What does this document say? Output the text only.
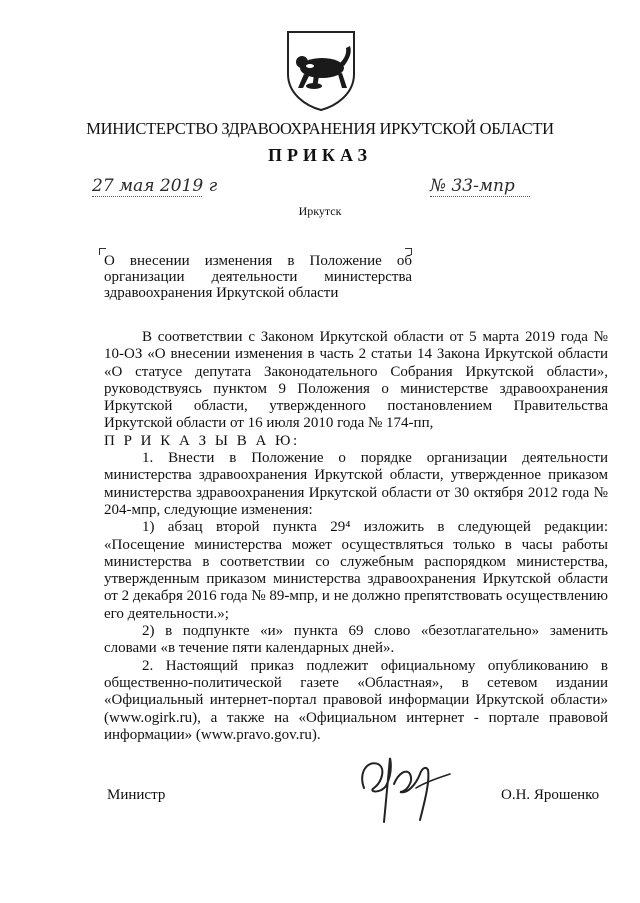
МИНИСТЕРСТВО ЗДРАВООХРАНЕНИЯ ИРКУТСКОЙ ОБЛАСТИ
ПРИКАЗ
27 мая 2019 г	№ 33-мпр
Иркутск
О внесении изменения в Положение об организации деятельности министерства здравоохранения Иркутской области

В соответствии с Законом Иркутской области от 5 марта 2019 года № 10-ОЗ «О внесении изменения в часть 2 статьи 14 Закона Иркутской области «О статусе депутата Законодательного Собрания Иркутской области», руководствуясь пунктом 9 Положения о министерстве здравоохранения Иркутской области, утвержденного постановлением Правительства Иркутской области от 16 июля 2010 года № 174-пп,

П Р И К А З Ы В А Ю:

1. Внести в Положение о порядке организации деятельности министерства здравоохранения Иркутской области, утвержденное приказом министерства здравоохранения Иркутской области от 30 октября 2012 года № 204-мпр, следующие изменения:

1) абзац второй пункта 29⁴ изложить в следующей редакции: «Посещение министерства может осуществляться только в часы работы министерства в соответствии со служебным распорядком министерства, утвержденным приказом министерства здравоохранения Иркутской области от 2 декабря 2016 года № 89-мпр, и не должно препятствовать осуществлению его деятельности.»;

2) в подпункте «и» пункта 69 слово «безотлагательно» заменить словами «в течение пяти календарных дней».

2. Настоящий приказ подлежит официальному опубликованию в общественно-политической газете «Областная», в сетевом издании «Официальный интернет-портал правовой информации Иркутской области» (www.ogirk.ru), а также на «Официальном интернет - портале правовой информации» (www.pravo.gov.ru).

Министр	О.Н. Ярошенко
